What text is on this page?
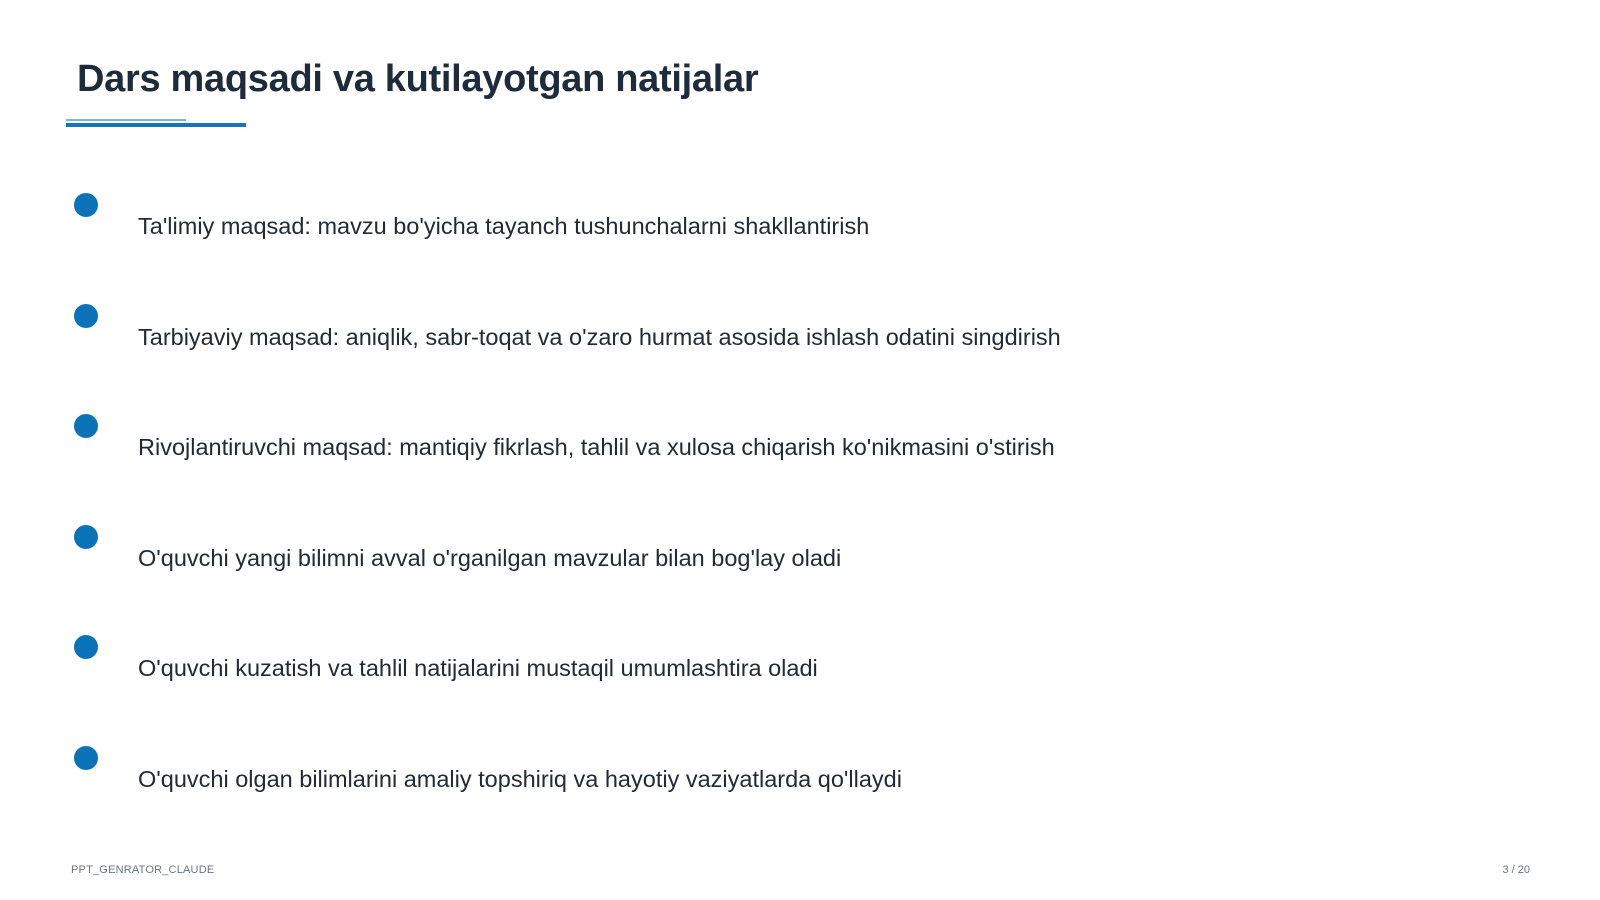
Dars maqsadi va kutilayotgan natijalar
Ta'limiy maqsad: mavzu bo'yicha tayanch tushunchalarni shakllantirish
Tarbiyaviy maqsad: aniqlik, sabr-toqat va o'zaro hurmat asosida ishlash odatini singdirish
Rivojlantiruvchi maqsad: mantiqiy fikrlash, tahlil va xulosa chiqarish ko'nikmasini o'stirish
O'quvchi yangi bilimni avval o'rganilgan mavzular bilan bog'lay oladi
O'quvchi kuzatish va tahlil natijalarini mustaqil umumlashtira oladi
O'quvchi olgan bilimlarini amaliy topshiriq va hayotiy vaziyatlarda qo'llaydi
PPT_GENRATOR_CLAUDE	3 / 20
